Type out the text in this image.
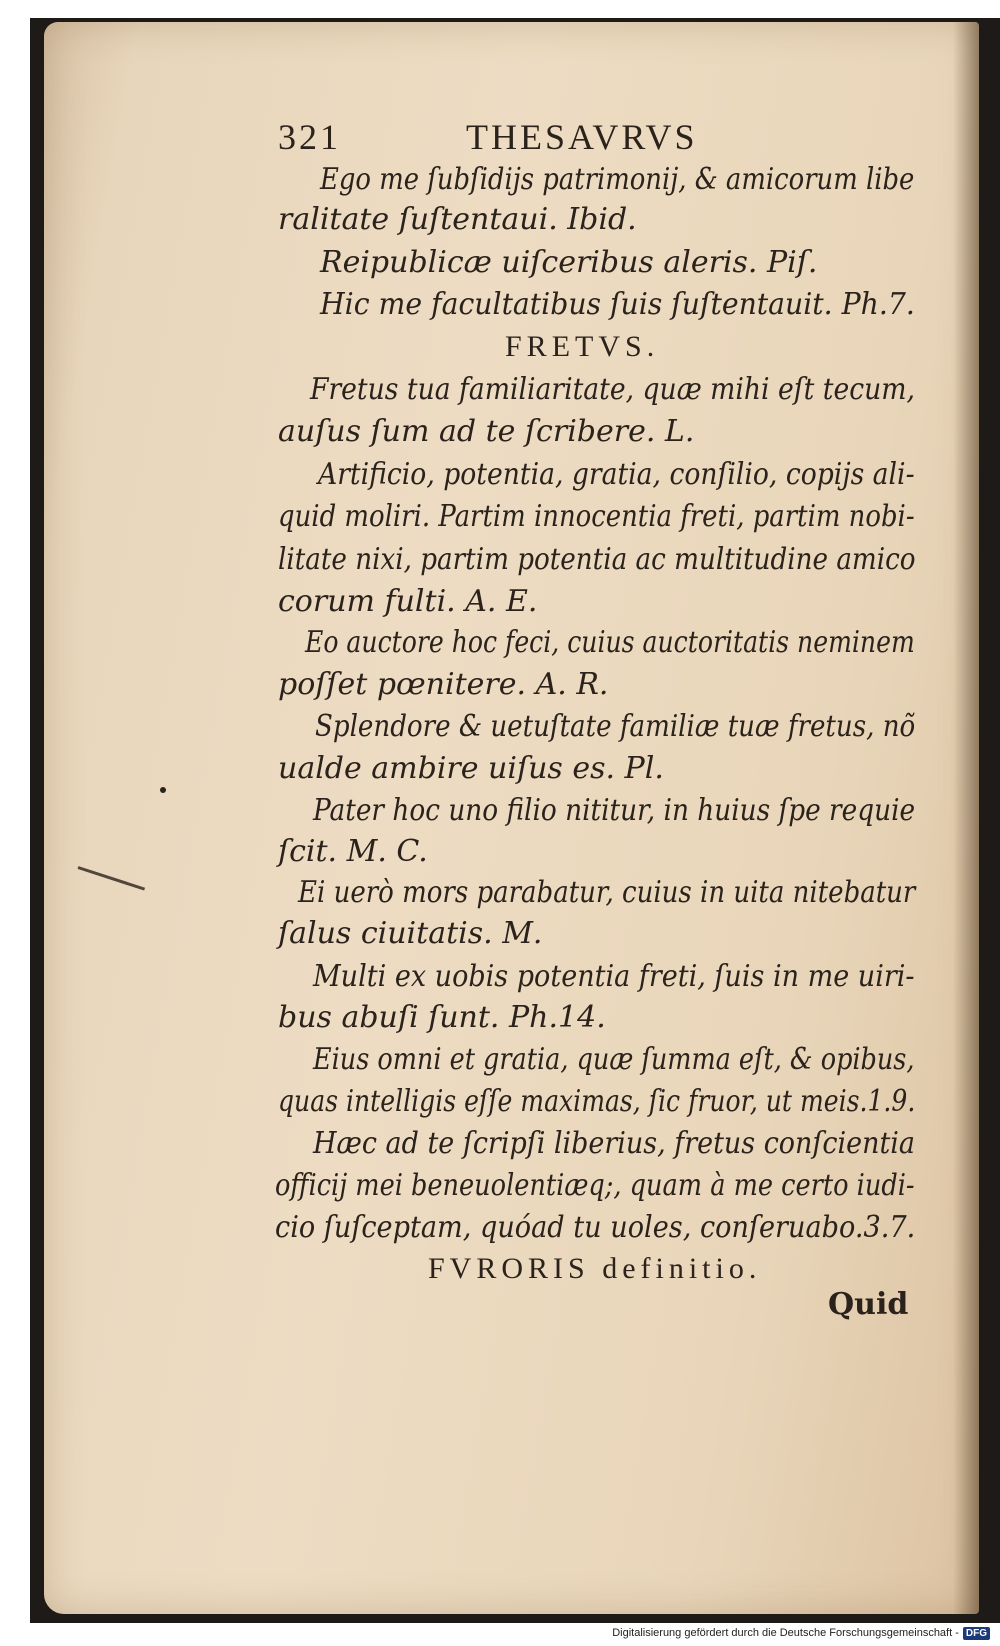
321	THESAVRVS
Ego me ſubſidijs patrimonij, & amicorum libe
ralitate ſuſtentaui. Ibid.
Reipublicæ uiſceribus aleris. Piſ.
Hic me facultatibus ſuis ſuſtentauit. Ph.7.
Fretus tua familiaritate, quæ mihi eſt tecum,
auſus ſum ad te ſcribere. L.
Artificio, potentia, gratia, conſilio, copijs ali-
quid moliri. Partim innocentia freti, partim nobi-
litate nixi, partim potentia ac multitudine amico
corum fulti. A. E.
Eo auctore hoc feci, cuius auctoritatis neminem
poſſet pœnitere. A. R.
Splendore & uetuſtate familiæ tuæ fretus, nõ
ualde ambire uiſus es. Pl.
Pater hoc uno filio nititur, in huius ſpe requie
ſcit. M. C.
Ei uerò mors parabatur, cuius in uita nitebatur
ſalus ciuitatis. M.
Multi ex uobis potentia freti, ſuis in me uiri-
bus abuſi ſunt. Ph.14.
Eius omni et gratia, quæ ſumma eſt, & opibus,
quas intelligis eſſe maximas, ſic fruor, ut meis.1.9.
Hæc ad te ſcripſi liberius, fretus conſcientia
officij mei beneuolentiæq;, quam à me certo iudi-
cio ſuſceptam, quóad tu uoles, conſeruabo.3.7.
FRETVS.
FVRORIS definitio.
Quid
Digitalisierung gefördert durch die Deutsche Forschungsgemeinschaft - DFG
